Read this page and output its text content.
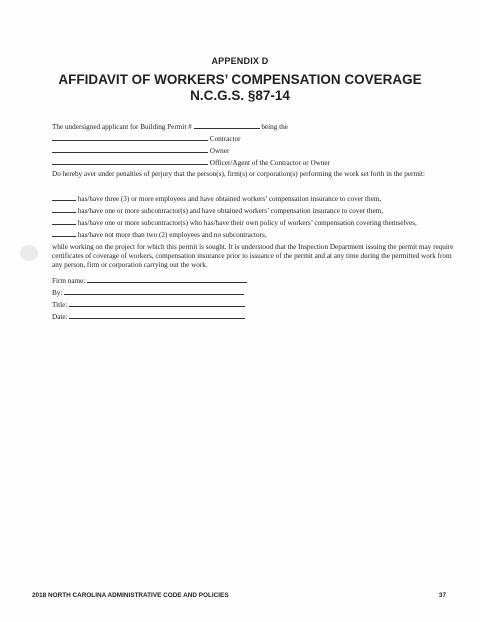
APPENDIX D
AFFIDAVIT OF WORKERS’ COMPENSATION COVERAGE
N.C.G.S. §87-14
The undersigned applicant for Building Permit #	being the
Contractor
Owner
Officer/Agent of the Contractor or Owner
Do hereby aver under penalties of perjury that the person(s), firm(s) or corporation(s) performing the work set forth in the permit:
has/have three (3) or more employees and have obtained workers’ compensation insurance to cover them,
has/have one or more subcontractor(s) and have obtained workers’ compensation insurance to cover them,
has/have one or more subcontractor(s) who has/have their own policy of workers’ compensation covering themselves,
has/have not more than two (2) employees and no subcontractors,
while working on the project for which this permit is sought. It is understood that the Inspection Department issuing the permit may require certificates of coverage of workers, compensation insurance prior to issuance of the permit and at any time during the permitted work from any person, firm or corporation carrying out the work.
Firm name:
By:
Title:
Date:
2018 NORTH CAROLINA ADMINISTRATIVE CODE AND POLICIES	37
